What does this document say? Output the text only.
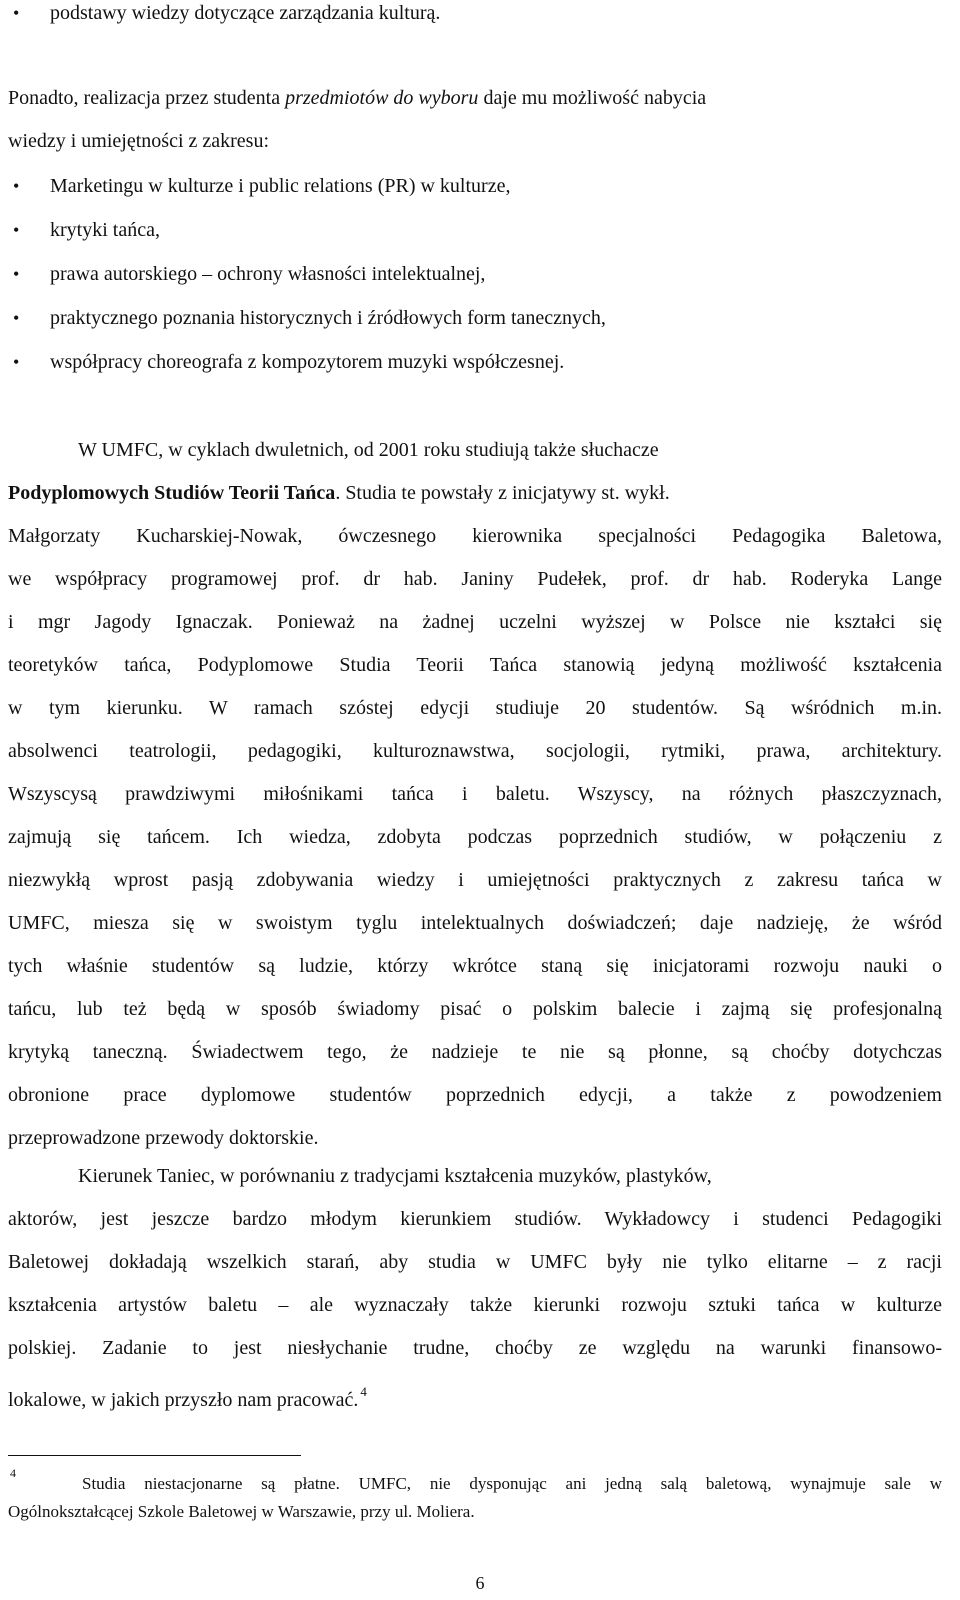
• podstawy wiedzy dotyczące zarządzania kulturą.

Ponadto, realizacja przez studenta przedmiotów do wyboru daje mu możliwość nabycia
wiedzy i umiejętności z zakresu:

• Marketingu w kulturze i public relations (PR) w kulturze,
• krytyki tańca,
• prawa autorskiego – ochrony własności intelektualnej,
• praktycznego poznania historycznych i źródłowych form tanecznych,
• współpracy choreografa z kompozytorem muzyki współczesnej.

W UMFC, w cyklach dwuletnich, od 2001 roku studiują także słuchacze
Podyplomowych Studiów Teorii Tańca. Studia te powstały z inicjatywy st. wykł.
Małgorzaty Kucharskiej-Nowak, ówczesnego kierownika specjalności Pedagogika Baletowa,
we współpracy programowej prof. dr hab. Janiny Pudełek, prof. dr hab. Roderyka Lange
i mgr Jagody Ignaczak. Ponieważ na żadnej uczelni wyższej w Polsce nie kształci się
teoretyków tańca, Podyplomowe Studia Teorii Tańca stanowią jedyną możliwość kształcenia
w tym kierunku. W ramach szóstej edycji studiuje 20 studentów. Są wśródnich m.in.
absolwenci teatrologii, pedagogiki, kulturoznawstwa, socjologii, rytmiki, prawa, architektury.
Wszyscysą prawdziwymi miłośnikami tańca i baletu. Wszyscy, na różnych płaszczyznach,
zajmują się tańcem. Ich wiedza, zdobyta podczas poprzednich studiów, w połączeniu z
niezwykłą wprost pasją zdobywania wiedzy i umiejętności praktycznych z zakresu tańca w
UMFC, miesza się w swoistym tyglu intelektualnych doświadczeń; daje nadzieję, że wśród
tych właśnie studentów są ludzie, którzy wkrótce staną się inicjatorami rozwoju nauki o
tańcu, lub też będą w sposób świadomy pisać o polskim balecie i zajmą się profesjonalną
krytyką taneczną. Świadectwem tego, że nadzieje te nie są płonne, są choćby dotychczas
obronione prace dyplomowe studentów poprzednich edycji, a także z powodzeniem
przeprowadzone przewody doktorskie.

Kierunek Taniec, w porównaniu z tradycjami kształcenia muzyków, plastyków,
aktorów, jest jeszcze bardzo młodym kierunkiem studiów. Wykładowcy i studenci Pedagogiki
Baletowej dokładają wszelkich starań, aby studia w UMFC były nie tylko elitarne – z racji
kształcenia artystów baletu – ale wyznaczały także kierunki rozwoju sztuki tańca w kulturze
polskiej. Zadanie to jest niesłychanie trudne, choćby ze względu na warunki finansowo-
lokalowe, w jakich przyszło nam pracować. $^4$

4
Studia niestacjonarne są płatne. UMFC, nie dysponując ani jedną salą baletową, wynajmuje sale w
Ogólnokształcącej Szkole Baletowej w Warszawie, przy ul. Moliera.
6
